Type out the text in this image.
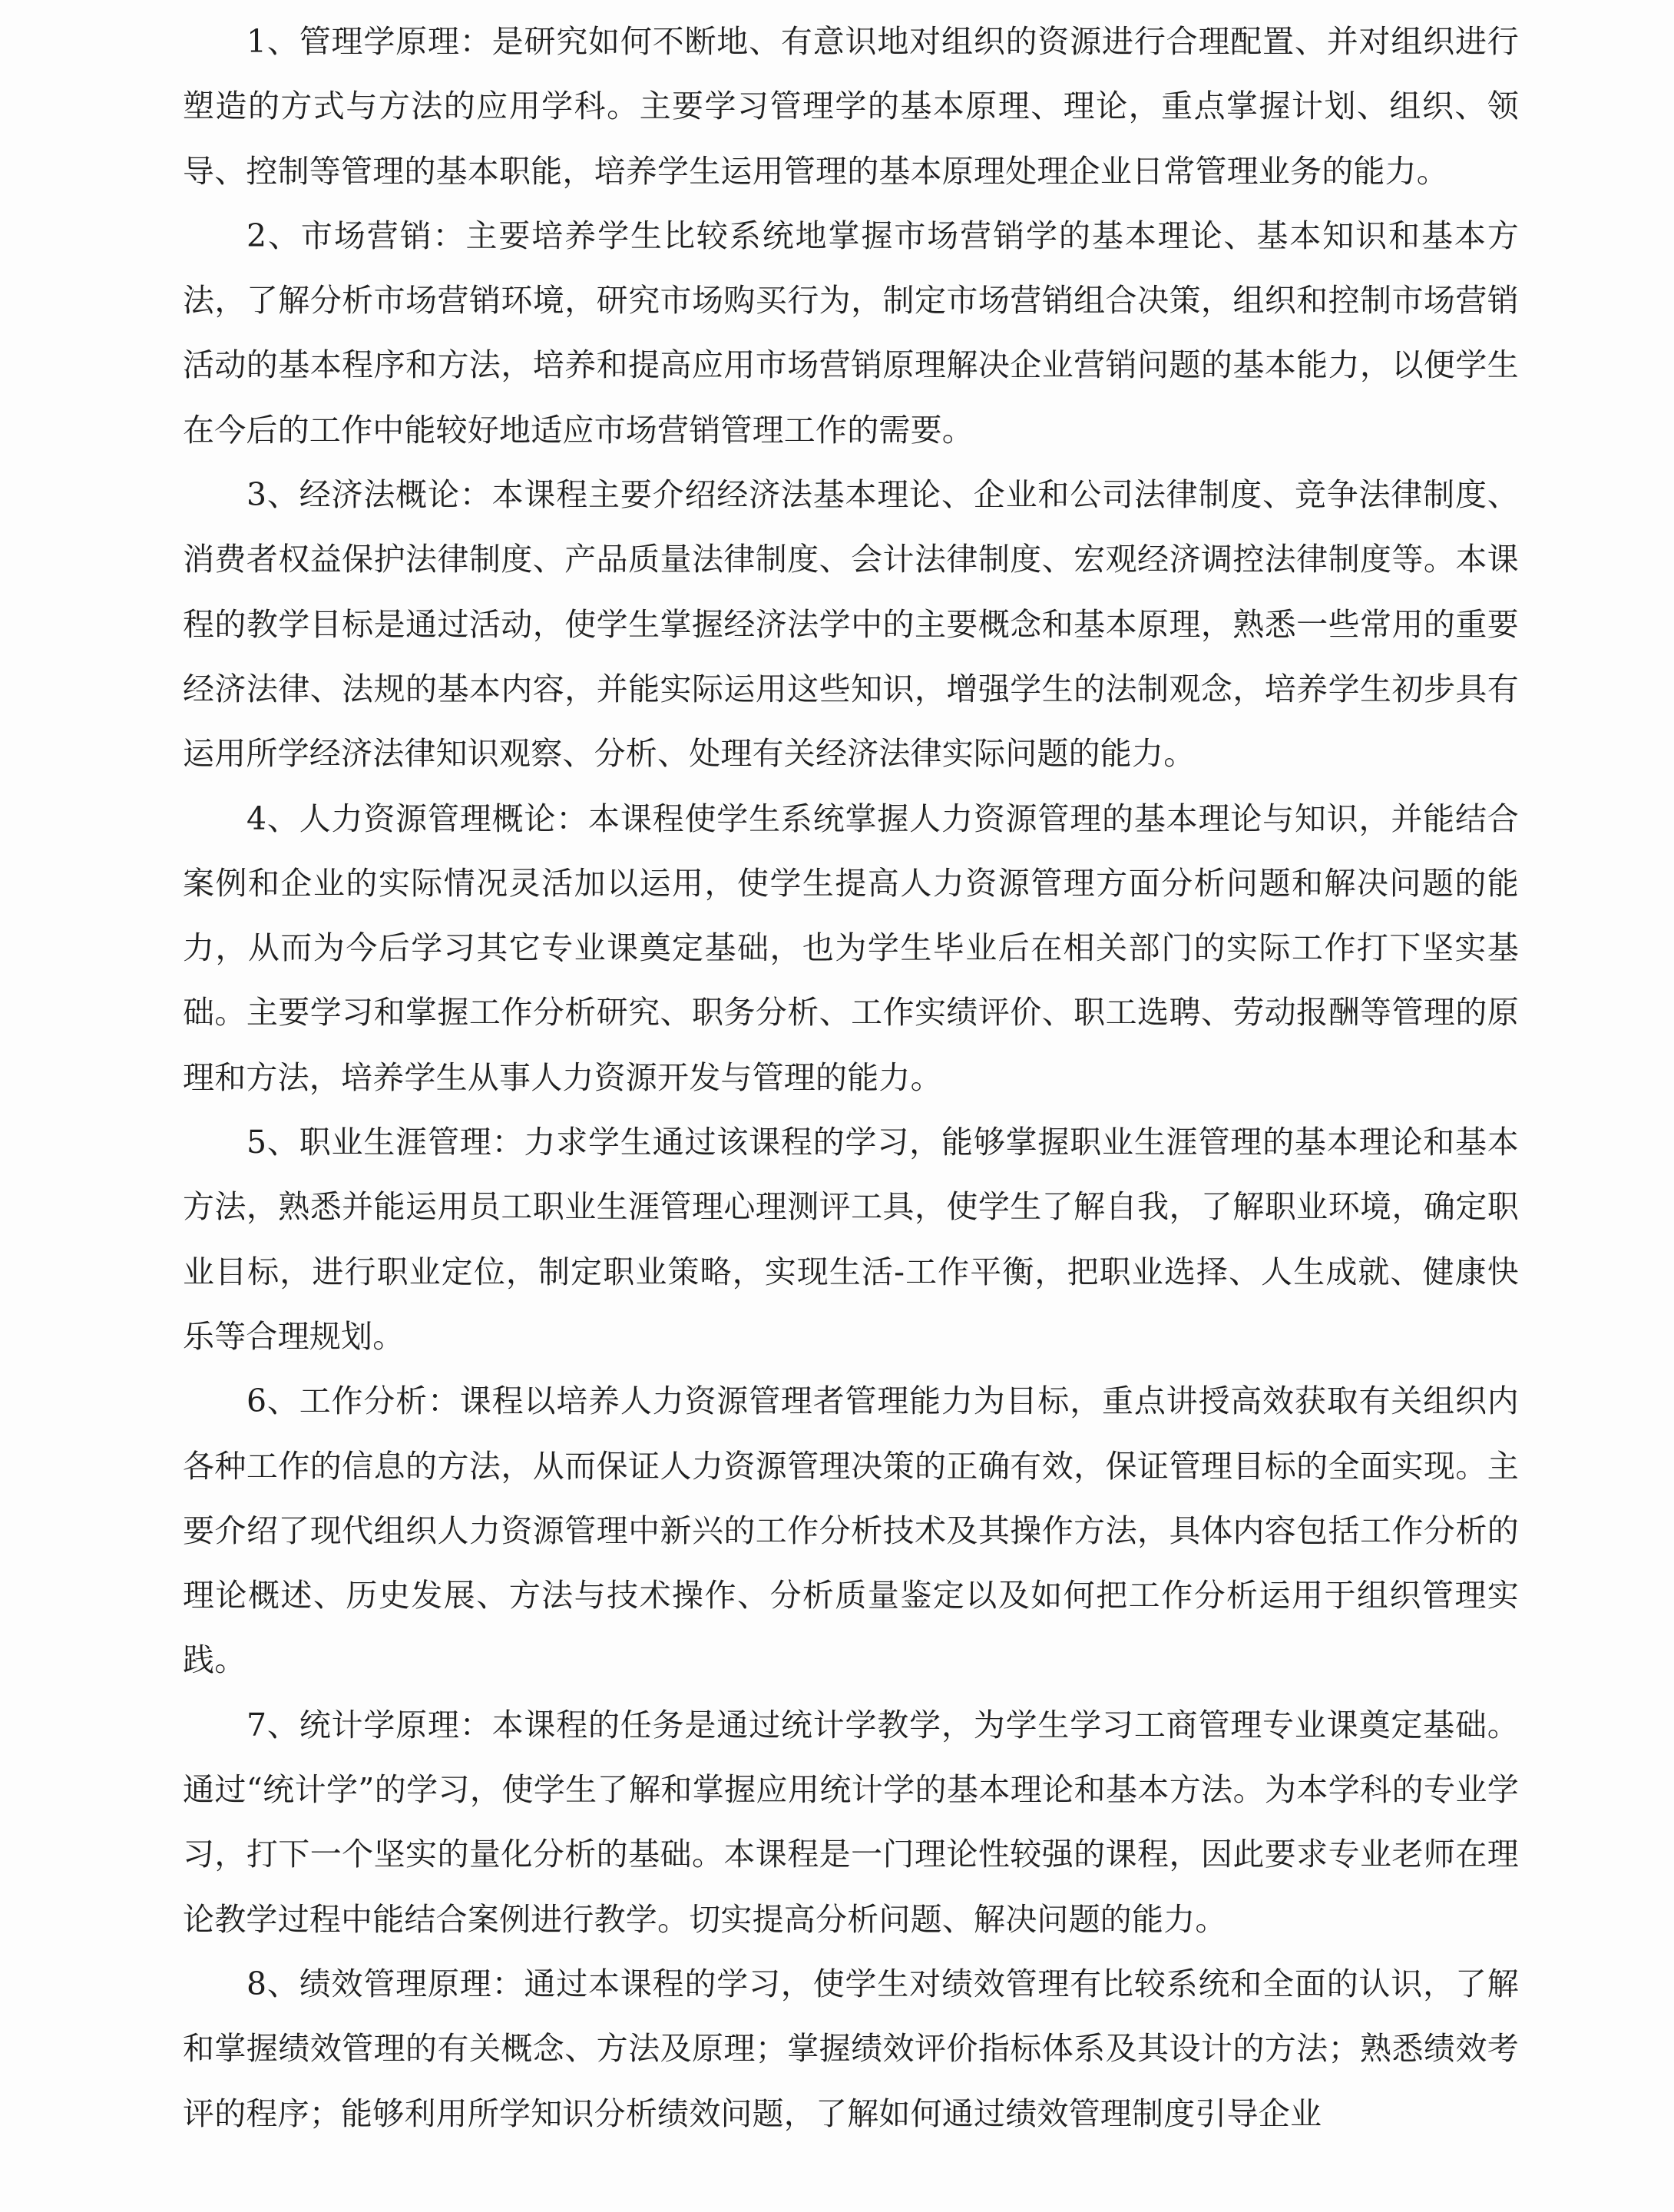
1、管理学原理：是研究如何不断地、有意识地对组织的资源进行合理配置、并对组织进行塑造的方式与方法的应用学科。主要学习管理学的基本原理、理论，重点掌握计划、组织、领导、控制等管理的基本职能，培养学生运用管理的基本原理处理企业日常管理业务的能力。

2、市场营销：主要培养学生比较系统地掌握市场营销学的基本理论、基本知识和基本方法，了解分析市场营销环境，研究市场购买行为，制定市场营销组合决策，组织和控制市场营销活动的基本程序和方法，培养和提高应用市场营销原理解决企业营销问题的基本能力，以便学生在今后的工作中能较好地适应市场营销管理工作的需要。

3、经济法概论：本课程主要介绍经济法基本理论、企业和公司法律制度、竞争法律制度、消费者权益保护法律制度、产品质量法律制度、会计法律制度、宏观经济调控法律制度等。本课程的教学目标是通过活动，使学生掌握经济法学中的主要概念和基本原理，熟悉一些常用的重要经济法律、法规的基本内容，并能实际运用这些知识，增强学生的法制观念，培养学生初步具有运用所学经济法律知识观察、分析、处理有关经济法律实际问题的能力。

4、人力资源管理概论：本课程使学生系统掌握人力资源管理的基本理论与知识，并能结合案例和企业的实际情况灵活加以运用，使学生提高人力资源管理方面分析问题和解决问题的能力，从而为今后学习其它专业课奠定基础，也为学生毕业后在相关部门的实际工作打下坚实基础。主要学习和掌握工作分析研究、职务分析、工作实绩评价、职工选聘、劳动报酬等管理的原理和方法，培养学生从事人力资源开发与管理的能力。

5、职业生涯管理：力求学生通过该课程的学习，能够掌握职业生涯管理的基本理论和基本方法，熟悉并能运用员工职业生涯管理心理测评工具，使学生了解自我，了解职业环境，确定职业目标，进行职业定位，制定职业策略，实现生活-工作平衡，把职业选择、人生成就、健康快乐等合理规划。

6、工作分析：课程以培养人力资源管理者管理能力为目标，重点讲授高效获取有关组织内各种工作的信息的方法，从而保证人力资源管理决策的正确有效，保证管理目标的全面实现。主要介绍了现代组织人力资源管理中新兴的工作分析技术及其操作方法，具体内容包括工作分析的理论概述、历史发展、方法与技术操作、分析质量鉴定以及如何把工作分析运用于组织管理实践。

7、统计学原理：本课程的任务是通过统计学教学，为学生学习工商管理专业课奠定基础。通过“统计学”的学习，使学生了解和掌握应用统计学的基本理论和基本方法。为本学科的专业学习，打下一个坚实的量化分析的基础。本课程是一门理论性较强的课程，因此要求专业老师在理论教学过程中能结合案例进行教学。切实提高分析问题、解决问题的能力。

8、绩效管理原理：通过本课程的学习，使学生对绩效管理有比较系统和全面的认识，了解和掌握绩效管理的有关概念、方法及原理；掌握绩效评价指标体系及其设计的方法；熟悉绩效考评的程序；能够利用所学知识分析绩效问题，了解如何通过绩效管理制度引导企业
